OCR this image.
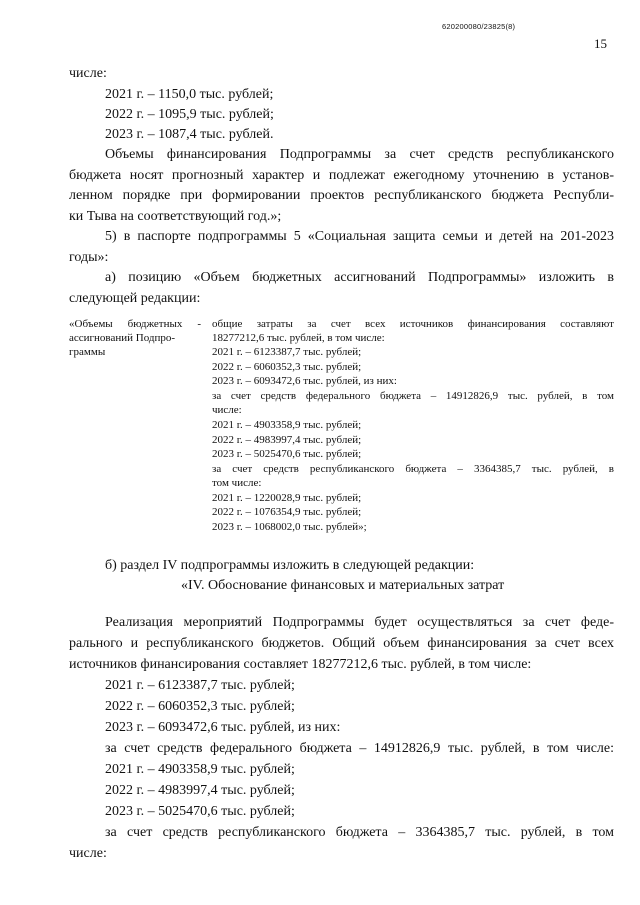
620200080/23825(8)
15
числе:
2021 г. – 1150,0 тыс. рублей;
2022 г. – 1095,9 тыс. рублей;
2023 г. – 1087,4 тыс. рублей.
Объемы финансирования Подпрограммы за счет средств республиканского
бюджета носят прогнозный характер и подлежат ежегодному уточнению в установ-
ленном порядке при формировании проектов республиканского бюджета Республи-
ки Тыва на соответствующий год.»;
5) в паспорте подпрограммы 5 «Социальная защита семьи и детей на 201-2023
годы»:
а) позицию «Объем бюджетных ассигнований Подпрограммы» изложить в
следующей редакции:
«Объемы бюджетных -
ассигнований Подпро-
граммы
общие затраты за счет всех источников финансирования составляют
18277212,6 тыс. рублей, в том числе:
2021 г. – 6123387,7 тыс. рублей;
2022 г. – 6060352,3 тыс. рублей;
2023 г. – 6093472,6 тыс. рублей, из них:
за счет средств федерального бюджета – 14912826,9 тыс. рублей, в том
числе:
2021 г. – 4903358,9 тыс. рублей;
2022 г. – 4983997,4 тыс. рублей;
2023 г. – 5025470,6 тыс. рублей;
за счет средств республиканского бюджета – 3364385,7 тыс. рублей, в
том числе:
2021 г. – 1220028,9 тыс. рублей;
2022 г. – 1076354,9 тыс. рублей;
2023 г. – 1068002,0 тыс. рублей»;
б) раздел IV подпрограммы изложить в следующей редакции:
«IV. Обоснование финансовых и материальных затрат
Реализация мероприятий Подпрограммы будет осуществляться за счет феде-
рального и республиканского бюджетов. Общий объем финансирования за счет всех
источников финансирования составляет 18277212,6 тыс. рублей, в том числе:
2021 г. – 6123387,7 тыс. рублей;
2022 г. – 6060352,3 тыс. рублей;
2023 г. – 6093472,6 тыс. рублей, из них:
за счет средств федерального бюджета – 14912826,9 тыс. рублей, в том числе:
2021 г. – 4903358,9 тыс. рублей;
2022 г. – 4983997,4 тыс. рублей;
2023 г. – 5025470,6 тыс. рублей;
за счет средств республиканского бюджета – 3364385,7 тыс. рублей, в том
числе:
